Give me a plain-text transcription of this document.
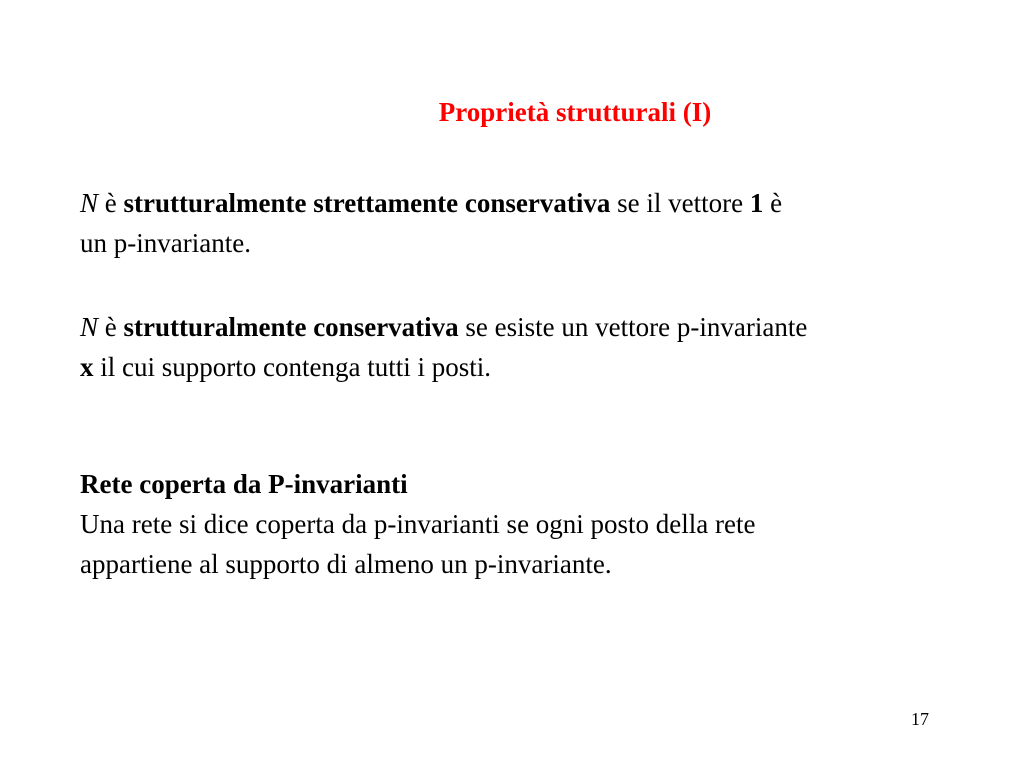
Proprietà strutturali (I)
N è strutturalmente strettamente conservativa se il vettore 1 è
un p-invariante.
N è strutturalmente conservativa se esiste un vettore p-invariante
x il cui supporto contenga tutti i posti.
Rete coperta da P-invarianti
Una rete si dice coperta da p-invarianti se ogni posto della rete
appartiene al supporto di almeno un p-invariante.
17
